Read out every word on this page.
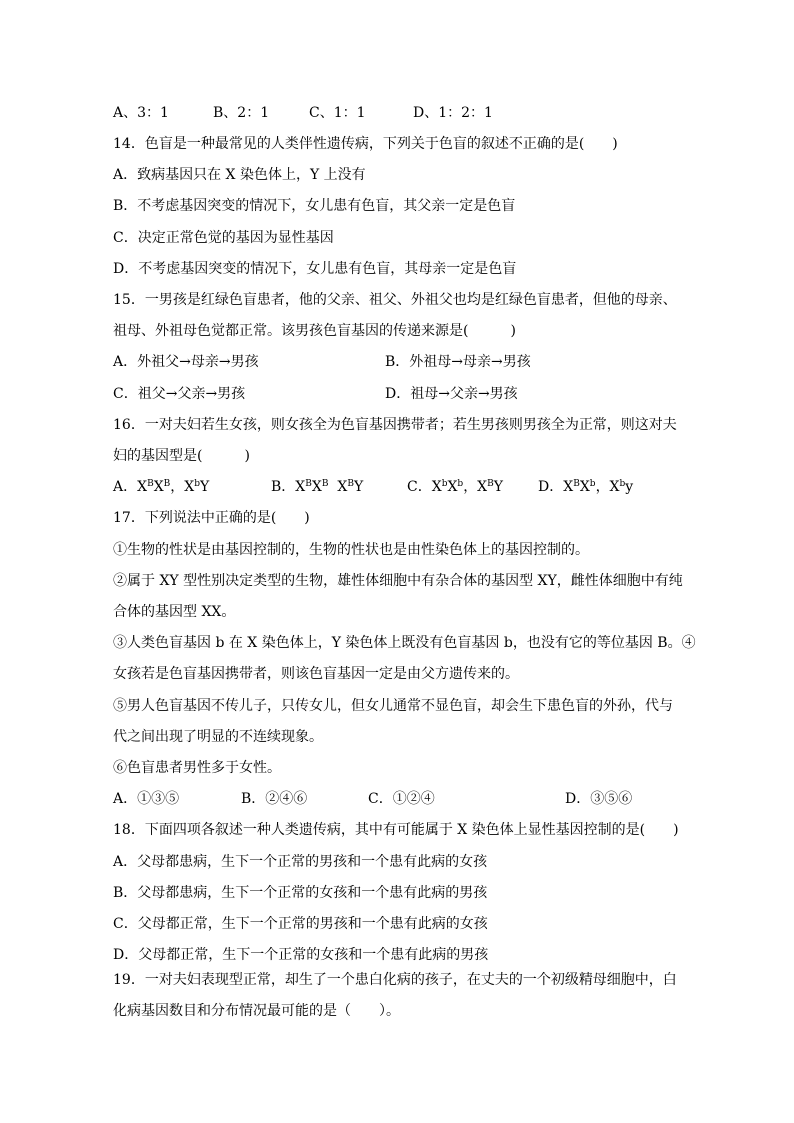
A、3：1	B、2：1	C、1：1	D、1：2：1
14．色盲是一种最常见的人类伴性遗传病，下列关于色盲的叙述不正确的是(　　)
A．致病基因只在 X 染色体上，Y 上没有
B．不考虑基因突变的情况下，女儿患有色盲，其父亲一定是色盲
C．决定正常色觉的基因为显性基因
D．不考虑基因突变的情况下，女儿患有色盲，其母亲一定是色盲
15．一男孩是红绿色盲患者，他的父亲、祖父、外祖父也均是红绿色盲患者，但他的母亲、
祖母、外祖母色觉都正常。该男孩色盲基因的传递来源是(　　　)
A．外祖父→母亲→男孩	B．外祖母→母亲→男孩
C．祖父→父亲→男孩	D．祖母→父亲→男孩
16．一对夫妇若生女孩，则女孩全为色盲基因携带者；若生男孩则男孩全为正常，则这对夫
妇的基因型是(　　　)
A．$X^BX^B$，$X^bY$	B．$X^BX^B$  $X^BY$	C．$X^bX^b$，$X^BY$ D．$X^BX^b$，$X^by$
17．下列说法中正确的是(　　)
①生物的性状是由基因控制的，生物的性状也是由性染色体上的基因控制的。
②属于 XY 型性别决定类型的生物，雄性体细胞中有杂合体的基因型 XY，雌性体细胞中有纯
合体的基因型 XX。
③人类色盲基因 b 在 X 染色体上，Y 染色体上既没有色盲基因 b，也没有它的等位基因 B。④
女孩若是色盲基因携带者，则该色盲基因一定是由父方遗传来的。
⑤男人色盲基因不传儿子，只传女儿，但女儿通常不显色盲，却会生下患色盲的外孙，代与
代之间出现了明显的不连续现象。
⑥色盲患者男性多于女性。
A．①③⑤	B．②④⑥	C．①②④	D．③⑤⑥
18．下面四项各叙述一种人类遗传病，其中有可能属于 X 染色体上显性基因控制的是(　　)
A．父母都患病，生下一个正常的男孩和一个患有此病的女孩
B．父母都患病，生下一个正常的女孩和一个患有此病的男孩
C．父母都正常，生下一个正常的男孩和一个患有此病的女孩
D．父母都正常，生下一个正常的女孩和一个患有此病的男孩
19．一对夫妇表现型正常，却生了一个患白化病的孩子，在丈夫的一个初级精母细胞中，白
化病基因数目和分布情况最可能的是（　　）。
